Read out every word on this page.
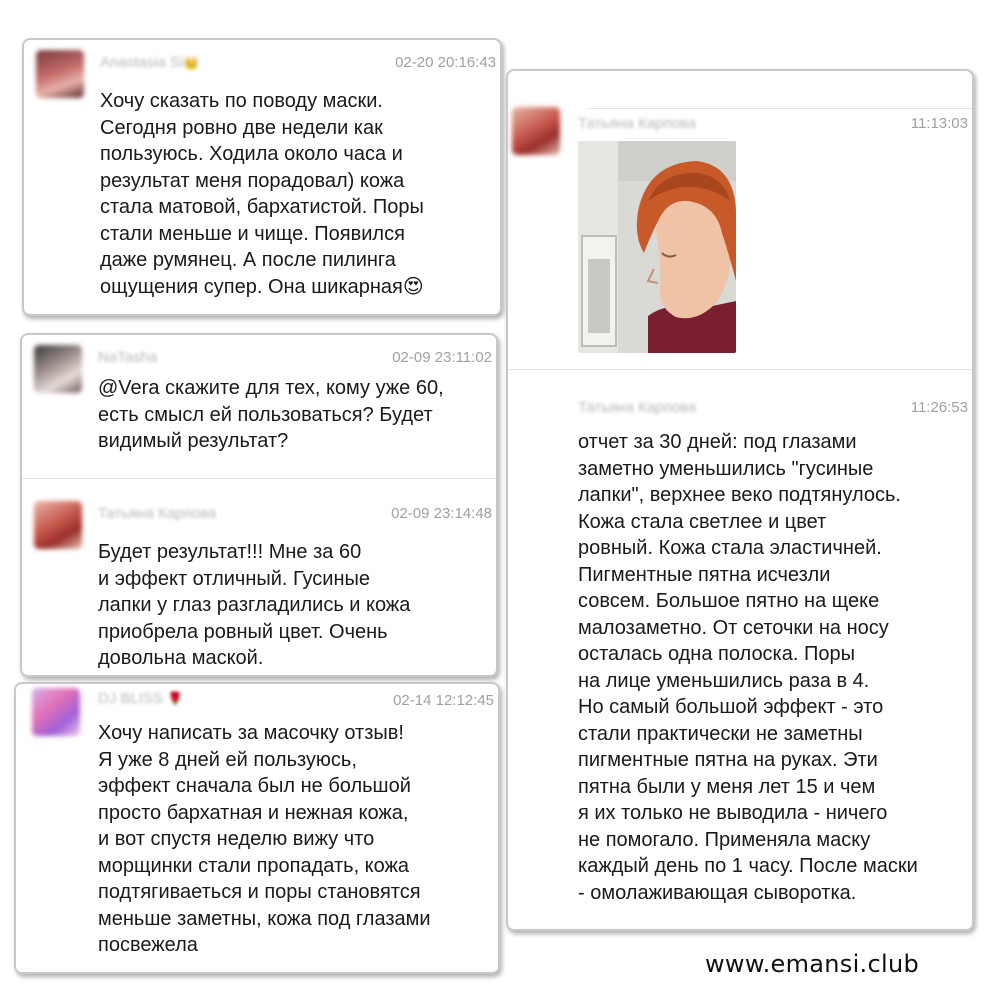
Anastasia Si👑	02-20 20:16:43
Хочу сказать по поводу маски.
Сегодня ровно две недели как
пользуюсь. Ходила около часа и
результат меня порадовал) кожа
стала матовой, бархатистой. Поры
стали меньше и чище. Появился
даже румянец. А после пилинга
ощущения супер. Она шикарная😍
NaTasha	02-09 23:11:02
@Vera скажите для тех, кому уже 60,
есть смысл ей пользоваться? Будет
видимый результат?
Татьяна Карпова	02-09 23:14:48
Будет результат!!! Мне за 60
и эффект отличный. Гусиные
лапки у глаз разгладились и кожа
приобрела ровный цвет. Очень
довольна маской.
DJ BLISS 🌹	02-14 12:12:45
Хочу написать за масочку отзыв!
Я уже 8 дней ей пользуюсь,
эффект сначала был не большой
просто бархатная и нежная кожа,
и вот спустя неделю вижу что
морщинки стали пропадать, кожа
подтягиваеться и поры становятся
меньше заметны, кожа под глазами
посвежела
Татьяна Карпова	11:13:03
Татьяна Карпова	11:26:53
отчет за 30 дней: под глазами
заметно уменьшились "гусиные
лапки", верхнее веко подтянулось.
Кожа стала светлее и цвет
ровный. Кожа стала эластичней.
Пигментные пятна исчезли
совсем. Большое пятно на щеке
малозаметно. От сеточки на носу
осталась одна полоска. Поры
на лице уменьшились раза в 4.
Но самый большой эффект - это
стали практически не заметны
пигментные пятна на руках. Эти
пятна были у меня лет 15 и чем
я их только не выводила - ничего
не помогало. Применяла маску
каждый день по 1 часу. После маски
- омолаживающая сыворотка.
www.emansi.club
